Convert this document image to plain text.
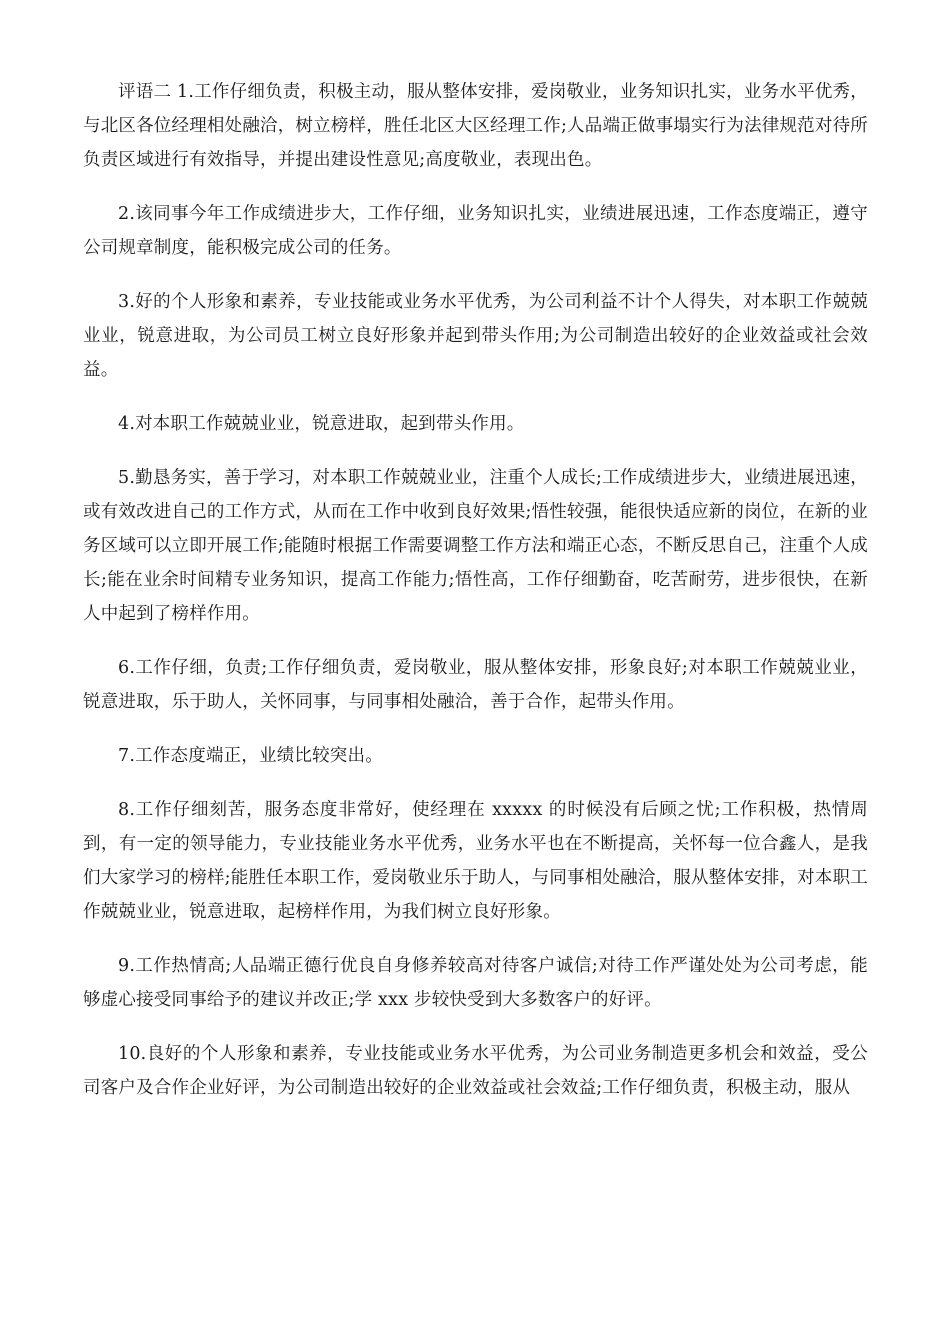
评语二 1.工作仔细负责，积极主动，服从整体安排，爱岗敬业，业务知识扎实，业务水平优秀，与北区各位经理相处融洽，树立榜样，胜任北区大区经理工作;人品端正做事塌实行为法律规范对待所负责区域进行有效指导，并提出建设性意见;高度敬业，表现出色。

2.该同事今年工作成绩进步大，工作仔细，业务知识扎实，业绩进展迅速，工作态度端正，遵守公司规章制度，能积极完成公司的任务。

3.好的个人形象和素养，专业技能或业务水平优秀，为公司利益不计个人得失，对本职工作兢兢业业，锐意进取，为公司员工树立良好形象并起到带头作用;为公司制造出较好的企业效益或社会效益。

4.对本职工作兢兢业业，锐意进取，起到带头作用。

5.勤恳务实，善于学习，对本职工作兢兢业业，注重个人成长;工作成绩进步大，业绩进展迅速，或有效改进自己的工作方式，从而在工作中收到良好效果;悟性较强，能很快适应新的岗位，在新的业务区域可以立即开展工作;能随时根据工作需要调整工作方法和端正心态，不断反思自己，注重个人成长;能在业余时间精专业务知识，提高工作能力;悟性高，工作仔细勤奋，吃苦耐劳，进步很快，在新人中起到了榜样作用。

6.工作仔细，负责;工作仔细负责，爱岗敬业，服从整体安排，形象良好;对本职工作兢兢业业，锐意进取，乐于助人，关怀同事，与同事相处融洽，善于合作，起带头作用。

7.工作态度端正，业绩比较突出。

8.工作仔细刻苦，服务态度非常好，使经理在 xxxxx 的时候没有后顾之忧;工作积极，热情周到，有一定的领导能力，专业技能业务水平优秀，业务水平也在不断提高，关怀每一位合鑫人，是我们大家学习的榜样;能胜任本职工作，爱岗敬业乐于助人，与同事相处融洽，服从整体安排，对本职工作兢兢业业，锐意进取，起榜样作用，为我们树立良好形象。

9.工作热情高;人品端正德行优良自身修养较高对待客户诚信;对待工作严谨处处为公司考虑，能够虚心接受同事给予的建议并改正;学 xxx 步较快受到大多数客户的好评。

10.良好的个人形象和素养，专业技能或业务水平优秀，为公司业务制造更多机会和效益，受公司客户及合作企业好评，为公司制造出较好的企业效益或社会效益;工作仔细负责，积极主动，服从
